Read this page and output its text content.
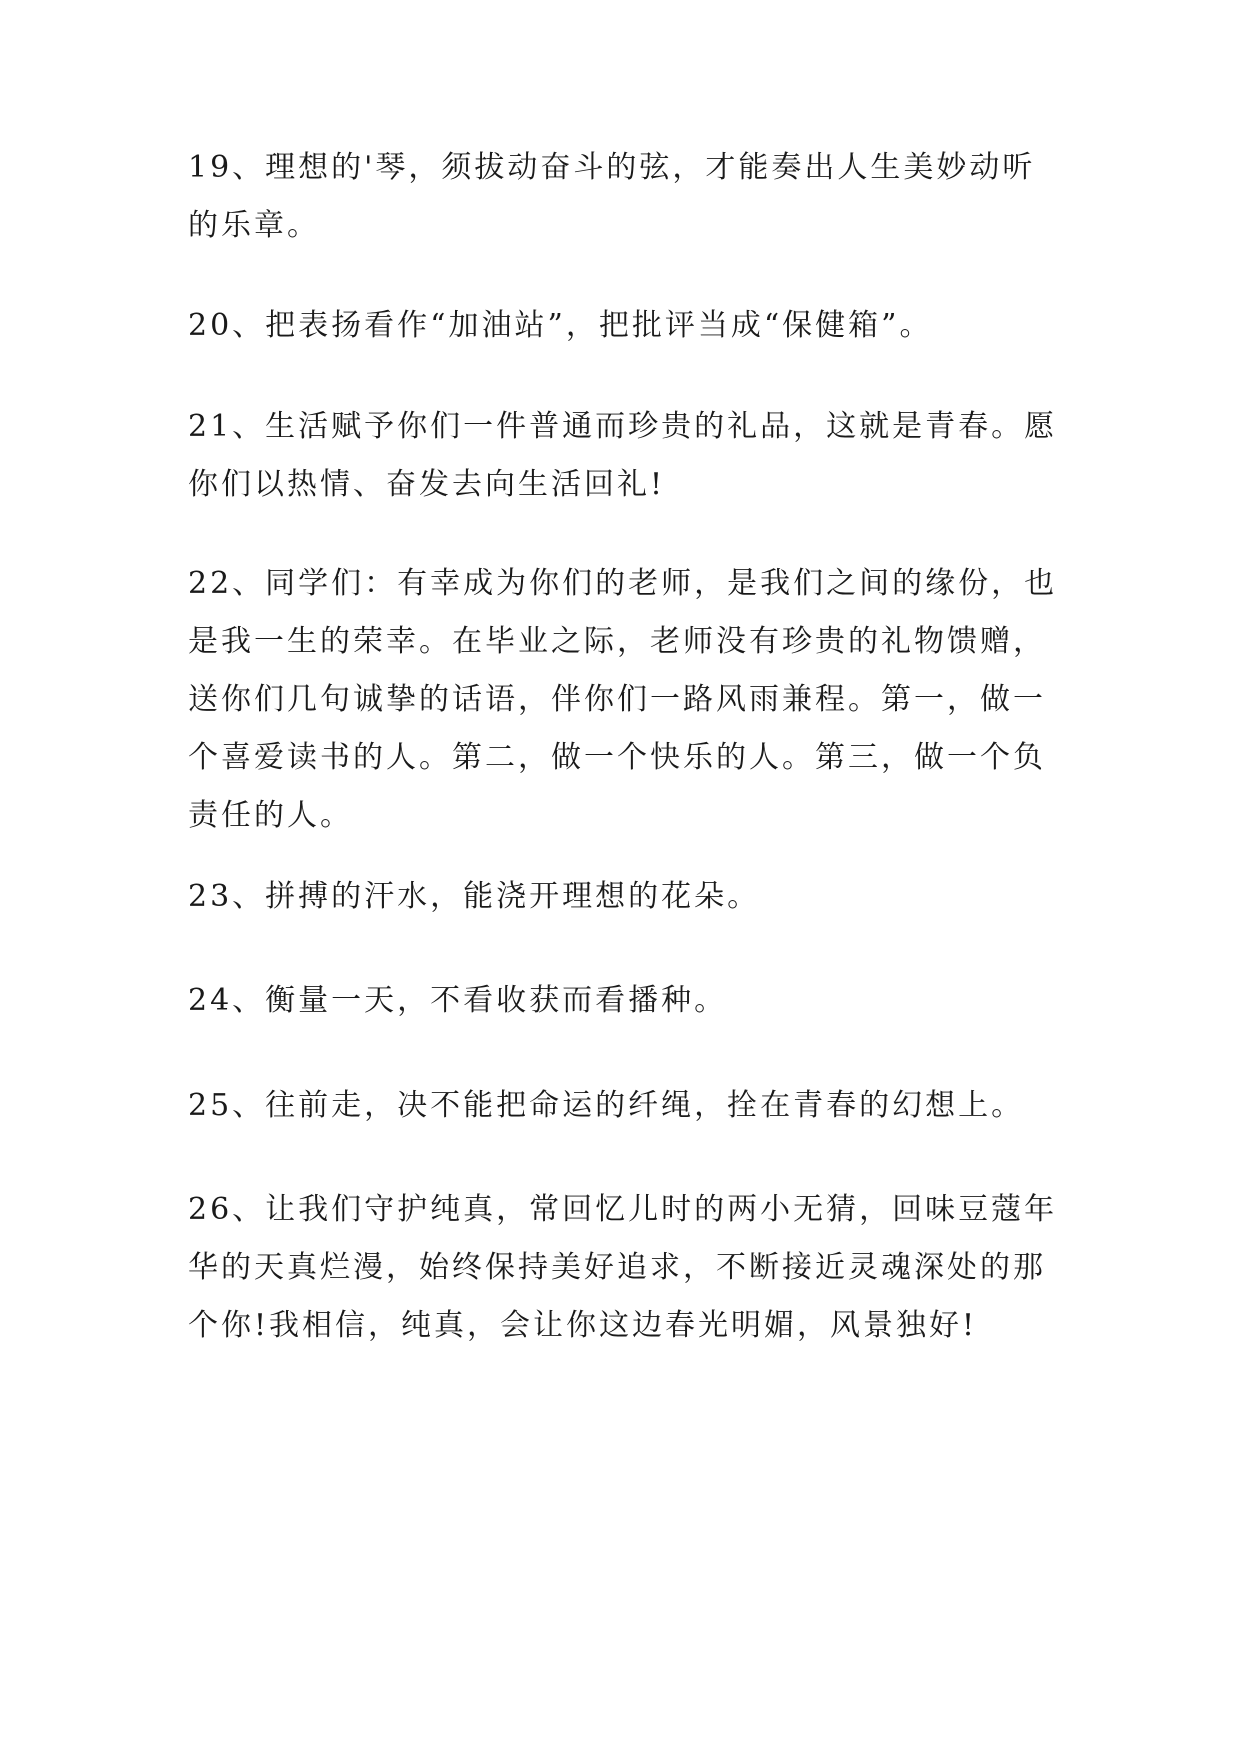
19、理想的'琴，须拔动奋斗的弦，才能奏出人生美妙动听
的乐章。
20、把表扬看作“加油站”，把批评当成“保健箱”。
21、生活赋予你们一件普通而珍贵的礼品，这就是青春。愿
你们以热情、奋发去向生活回礼!
22、同学们：有幸成为你们的老师，是我们之间的缘份，也
是我一生的荣幸。在毕业之际，老师没有珍贵的礼物馈赠，
送你们几句诚挚的话语，伴你们一路风雨兼程。第一，做一
个喜爱读书的人。第二，做一个快乐的人。第三，做一个负
责任的人。
23、拼搏的汗水，能浇开理想的花朵。
24、衡量一天，不看收获而看播种。
25、往前走，决不能把命运的纤绳，拴在青春的幻想上。
26、让我们守护纯真，常回忆儿时的两小无猜，回味豆蔻年
华的天真烂漫，始终保持美好追求，不断接近灵魂深处的那
个你!我相信，纯真，会让你这边春光明媚，风景独好!
